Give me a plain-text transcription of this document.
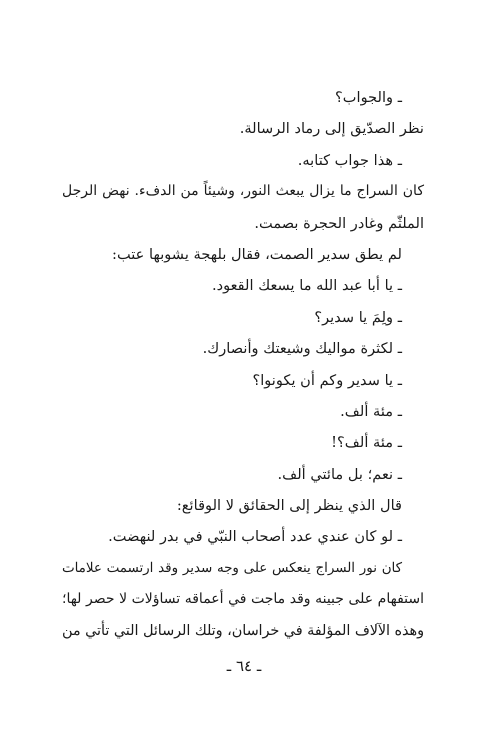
ـ والجواب؟
نظر الصدّيق إلى رماد الرسالة.
ـ هذا جواب كتابه.
كان السراج ما يزال يبعث النور، وشيئاً من الدفء. نهض الرجل
الملثّم وغادر الحجرة بصمت.
لم يطق سدير الصمت، فقال بلهجة يشوبها عتب:
ـ يا أبا عبد الله ما يسعك القعود.
ـ ولِمَ يا سدير؟
ـ لكثرة مواليك وشيعتك وأنصارك.
ـ يا سدير وكم أن يكونوا؟
ـ مئة ألف.
ـ مئة ألف؟!
ـ نعم؛ بل مائتي ألف.
قال الذي ينظر إلى الحقائق لا الوقائع:
ـ لو كان عندي عدد أصحاب النبّي في بدر لنهضت.
كان نور السراج ينعكس على وجه سدير وقد ارتسمت علامات
استفهام على جبينه وقد ماجت في أعماقه تساؤلات لا حصر لها؛
وهذه الآلاف المؤلفة في خراسان، وتلك الرسائل التي تأتي من
ـ ٦٤ ـ
